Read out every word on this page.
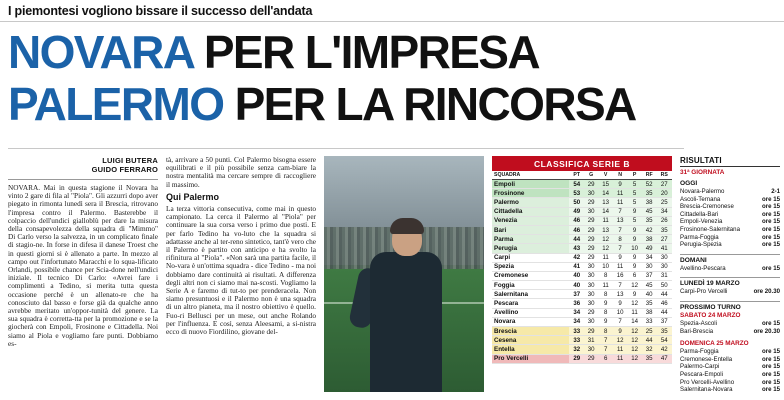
I piemontesi vogliono bissare il successo dell'andata
NOVARA PER L'IMPRESA
PALERMO PER LA RINCORSA
LUIGI BUTERA
GUIDO FERRARO

NOVARA. Mai in questa stagione il Novara ha vinto 2 gare di fila al "Piola". Gli azzurri dopo aver piegato in rimonta lunedì sera il Brescia, ritrovano l'impresa contro il Palermo. Basterebbe il colpaccio dell'undici gialloblù per dare la misura della consapevolezza della squadra di "Mimmo" Di Carlo verso la salvezza, in un complicato finale di stagio-ne. In forse in difesa il danese Troest che in questi giorni si è allenato a parte. In mezzo al campo out l'infortunato Maracchi e lo squa-lificato Orlandi, possibile chance per Scia-done nell'undici iniziale. Il tecnico Di Carlo: «Avrei fare i complimenti a Tedino, si merita tutta questa occasione perché è un allenato-re che ha conosciuto dal basso e forse già da qualche anno avrebbe meritato un'oppor-tunità del genere. La sua squadra è corretta-tta per la promozione e se la giocherà con Empoli, Frosinone e Cittadella. Noi siamo al Piola e vogliamo fare punti. Dobbiamo es-

tà, arrivare a 50 punti. Col Palermo bisogna essere equilibrati e il più possibile senza cam-biare la nostra mentalità ma cercare sempre di raccogliere il massimo.

Qui Palermo

La terza vittoria consecutiva, come mai in questo campionato. La cerca il Palermo al "Piola" per continuare la sua corsa verso i primo due posti. E per farlo Tedino ha vo-luto che la squadra si adattasse anche al ter-reno sintetico, tant'è vero che il Palermo è partito con anticipo e ha svolto la rifinitura al "Piola". «Non sarà una partita facile, il No-vara è un'ottima squadra - dice Tedino - ma noi dobbiamo dare continuità ai risultati. A differenza degli altri non ci siamo mai na-scosti. Vogliamo la Serie A e faremo di tut-to per prenderacela. Non siamo presuntuosi e il Palermo non è una squadra di un altro pianeta, ma il nostro obiettivo è quello. Fuo-ri Bellusci per un mese, out anche Rolando per l'influenza. E così, senza Aleesami, a si-nistra ecco di nuovo Fiordilino, giovane del-

CLASSIFICA SERIE B
SQUADRA	PT	G	V	N	P	RF	RS
Empoli	54	29	15	9	5	52	27
Frosinone	53	30	14	11	5	35	20
Palermo	50	29	13	11	5	38	25
Cittadella	49	30	14	7	9	45	34
Venezia	46	29	11	13	5	35	26
Bari	46	29	13	7	9	42	35
Parma	44	29	12	8	9	38	27
Perugia	43	29	12	7	10	49	41
Carpi	42	29	11	9	9	34	30
Spezia	41	30	10	11	9	30	30
Cremonese	40	30	8	16	6	37	31
Foggia	40	30	11	7	12	45	50
Salernitana	37	30	8	13	9	40	44
Pescara	36	30	9	9	12	35	46
Avellino	34	29	8	10	11	38	44
Novara	34	30	9	7	14	33	37
Brescia	33	29	8	9	12	25	35
Cesena	33	31	7	12	12	44	54
Entella	32	30	7	11	12	32	42
Pro Vercelli	29	29	6	11	12	35	47
RISULTATI
31ª GIORNATA
OGGI
Novara-Palermo	2-1
Ascoli-Ternana	ore 15
Brescia-Cremonese	ore 15
Cittadella-Bari	ore 15
Empoli-Venezia	ore 15
Frosinone-Salernitana	ore 15
Parma-Foggia	ore 15
Perugia-Spezia	ore 15
DOMANI
Avellino-Pescara	ore 15
LUNEDÌ 19 MARZO
Carpi-Pro Vercelli	ore 20.30
PROSSIMO TURNO
SABATO 24 MARZO
Spezia-Ascoli	ore 15
Bari-Brescia	ore 20.30
DOMENICA 25 MARZO
Parma-Foggia	ore 15
Cremonese-Entella	ore 15
Palermo-Carpi	ore 15
Pescara-Empoli	ore 15
Pro Vercelli-Avellino	ore 15
Salernitana-Novara	ore 15
